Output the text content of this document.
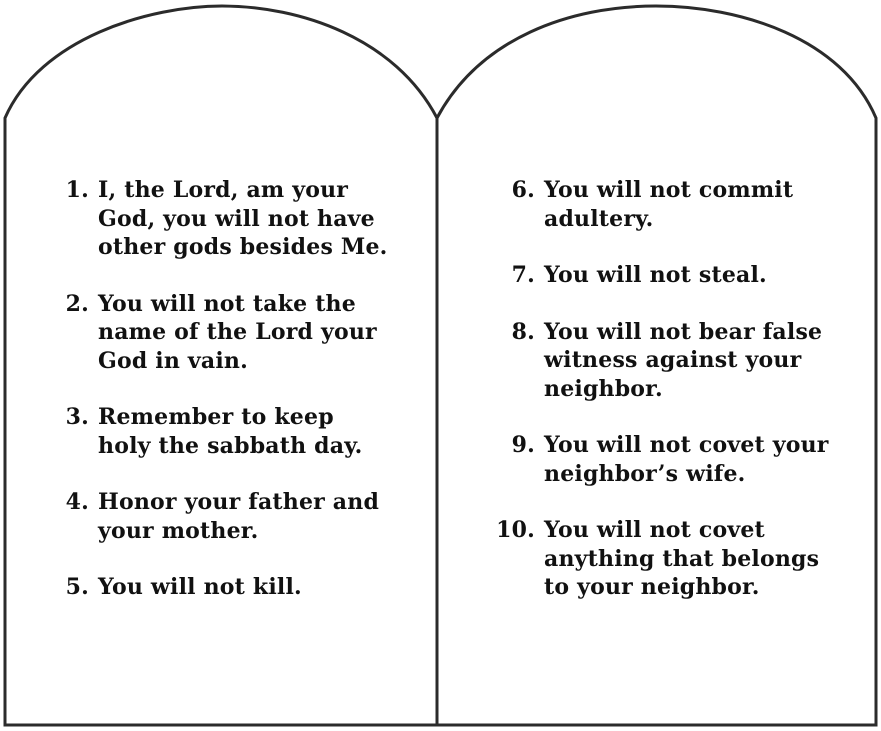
1. I, the Lord, am your God, you will not have other gods besides Me.
2. You will not take the name of the Lord your God in vain.
3. Remember to keep holy the sabbath day.
4. Honor your father and your mother.
5. You will not kill.
6. You will not commit adultery.
7. You will not steal.
8. You will not bear false witness against your neighbor.
9. You will not covet your neighbor’s wife.
10. You will not covet anything that belongs to your neighbor.
